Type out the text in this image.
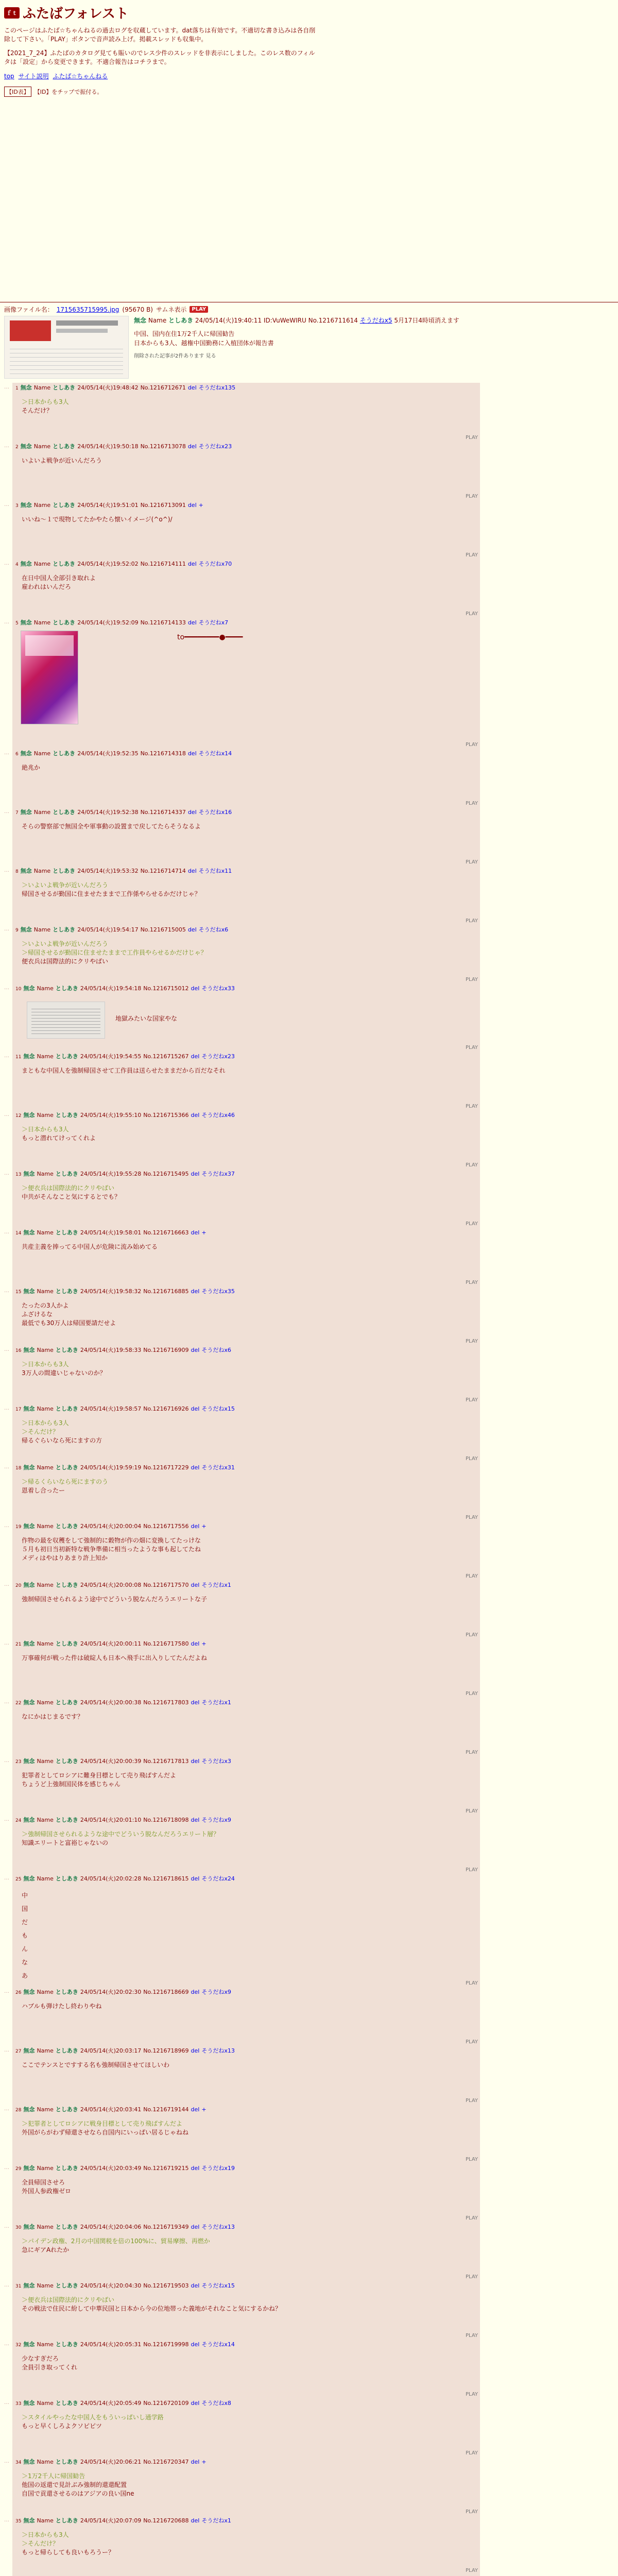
ｆｔ ふたばフォレスト

このページはふたば☆ちゃんねるの過去ログを収蔵しています。dat落ちは有効です。不適切な書き込みは各自削除して下さい。「PLAY」ボタンで音声読み上げ。掲載スレッドも収集中。

【2021_7_24】ふたばのカタログ見ても賑いのでレス少件のスレッドを非表示にしました。このレス数のフィルタは「設定」から変更できます。不適合報告はコチラまで。

top サイト説明 ふたば☆ちゃんねる
【ID表】 【ID】をチップで振付る。
画像ファイル名： 1715635715995.jpg (95670 B) サムネ表示	PLAY
無念 Name としあき 24/05/14(火)19:40:11 ID:VuWeWIRU No.1216711614 そうだねx5 5月17日4時頃消えます
中国、国内在住1万2千人に帰国勧告
日本からも3人、越権中国勤務に入植団体が報告書
削除された記事が2件あります 見る
…	1 無念 Name としあき 24/05/14(火)19:48:42 No.1216712671 del そうだねx135
＞日本からも3人
そんだけ？
PLAY
…	2 無念 Name としあき 24/05/14(火)19:50:18 No.1216713078 del そうだねx23
いよいよ戦争が近いんだろう
PLAY
…	3 無念 Name としあき 24/05/14(火)19:51:01 No.1216713091 del +
いいね～１で現物してたかやたら懐いイメージ(^o^)/
PLAY
…	4 無念 Name としあき 24/05/14(火)19:52:02 No.1216714111 del そうだねx70
在日中国人全部引き取れよ
雇われはいんだろ
PLAY
…	5 無念 Name としあき 24/05/14(火)19:52:09 No.1216714133 del そうだねx7
to━━━━━━━━●━━━━
PLAY
…	6 無念 Name としあき 24/05/14(火)19:52:35 No.1216714318 del そうだねx14
絶兆か
PLAY
…	7 無念 Name としあき 24/05/14(火)19:52:38 No.1216714337 del そうだねx16
そらの警察部で無国全や軍事動の設置まで戻してたらそうなるよ
PLAY
…	8 無念 Name としあき 24/05/14(火)19:53:32 No.1216714714 del そうだねx11
＞いよいよ戦争が近いんだろう
帰国させるが勤国に住ませたままで工作係やらせるかだけじゃ？
PLAY
…	9 無念 Name としあき 24/05/14(火)19:54:17 No.1216715005 del そうだねx6
＞いよいよ戦争が近いんだろう
＞帰国させるが勤国に住ませたままで工作員やらせるかだけじゃ？
便衣兵は国際法的にクリやばい
PLAY
…	10 無念 Name としあき 24/05/14(火)19:54:18 No.1216715012 del そうだねx33
地獄みたいな国家やな
PLAY
…	11 無念 Name としあき 24/05/14(火)19:54:55 No.1216715267 del そうだねx23
まともな中国人を強制帰国させて工作員は送らせたままだから百だなそれ
PLAY
…	12 無念 Name としあき 24/05/14(火)19:55:10 No.1216715366 del そうだねx46
＞日本からも3人
もっと潜れてけってくれよ
PLAY
…	13 無念 Name としあき 24/05/14(火)19:55:28 No.1216715495 del そうだねx37
＞便衣兵は国際法的にクリやばい
中共がそんなこと気にするとでも？
PLAY
…	14 無念 Name としあき 24/05/14(火)19:58:01 No.1216716663 del +
共産主義を捧ってる中国人が危険に流み始めてる
PLAY
…	15 無念 Name としあき 24/05/14(火)19:58:32 No.1216716885 del そうだねx35
たったの3人かよ
ふざけるな
最低でも30万人は帰国要請だせよ
PLAY
…	16 無念 Name としあき 24/05/14(火)19:58:33 No.1216716909 del そうだねx6
＞日本からも3人
3万人の間違いじゃないのか？
PLAY
…	17 無念 Name としあき 24/05/14(火)19:58:57 No.1216716926 del そうだねx15
＞日本からも3人
＞そんだけ？
帰るぐらいなら死にますの方
PLAY
…	18 無念 Name としあき 24/05/14(火)19:59:19 No.1216717229 del そうだねx31
＞帰るくらいなら死にますのう
恩着し合ったー
PLAY
…	19 無念 Name としあき 24/05/14(火)20:00:04 No.1216717556 del +
作物の最を収穫をして強制的に穀物が作の畑に変換してたっけな
５月も初日当初新特な戦争準備に相当ったような事も起してたね
メディはやはりあまり許上知か
PLAY
…	20 無念 Name としあき 24/05/14(火)20:00:08 No.1216717570 del そうだねx1
強制帰国させられるよう途中でどういう脱なんだろうエリートな子
PLAY
…	21 無念 Name としあき 24/05/14(火)20:00:11 No.1216717580 del +
万事確何が戦った件は破綻人も日本へ飛手に出入りしてたんだよね
PLAY
…	22 無念 Name としあき 24/05/14(火)20:00:38 No.1216717803 del そうだねx1
なにかはじまるです？
PLAY
…	23 無念 Name としあき 24/05/14(火)20:00:39 No.1216717813 del そうだねx3
犯罪者としてロシアに難身目標として売り飛ばすんだよ
ちょうど上強制国民体を感じちゃん
PLAY
…	24 無念 Name としあき 24/05/14(火)20:01:10 No.1216718098 del そうだねx9
＞強制帰国させられるような途中でどういう脱なんだろうエリート層？
知識エリートと富裕じゃないの
PLAY
…	25 無念 Name としあき 24/05/14(火)20:02:28 No.1216718615 del そうだねx24
中
国
だ
も
ん
な
あ
PLAY
…	26 無念 Name としあき 24/05/14(火)20:02:30 No.1216718669 del そうだねx9
ハブルも弾けたし終わりやね
PLAY
…	27 無念 Name としあき 24/05/14(火)20:03:17 No.1216718969 del そうだねx13
ここでテンスとですする名も強制帰国させてほしいわ
PLAY
…	28 無念 Name としあき 24/05/14(火)20:03:41 No.1216719144 del +
＞犯罪者としてロシアに戦身目標として売り飛ばすんだよ
外国がらがわず帰還させなら自国内にいっぱい居るじゃねね
PLAY
…	29 無念 Name としあき 24/05/14(火)20:03:49 No.1216719215 del そうだねx19
全員帰国させろ
外国人参政権ゼロ
PLAY
…	30 無念 Name としあき 24/05/14(火)20:04:06 No.1216719349 del そうだねx13
＞パイデン政権、2月の中国関税を倍の100%に、貿易摩擦、再燃か
急にギアAれたか
PLAY
…	31 無念 Name としあき 24/05/14(火)20:04:30 No.1216719503 del そうだねx15
＞便衣兵は国際法的にクリやばい
その戦法で住民に紛して中華民国と日本から今の位地帯った義地がそれなこと気にするかね？
PLAY
…	32 無念 Name としあき 24/05/14(火)20:05:31 No.1216719998 del そうだねx14
少なすぎだろ
全員引き取ってくれ
PLAY
…	33 無念 Name としあき 24/05/14(火)20:05:49 No.1216720109 del そうだねx8
＞スタイルやったな中国人をもういっぱいし通学路
もっと早くしろよクソピピツ
PLAY
…	34 無念 Name としあき 24/05/14(火)20:06:21 No.1216720347 del +
＞1万2千人に帰国勧告
他国の返還で見計ぶみ強制的還還配置
自国で貢還させるのはアジアの良い国ne
PLAY
…	35 無念 Name としあき 24/05/14(火)20:07:09 No.1216720688 del そうだねx1
＞日本からも3人
＞そんだけ？
もっと帰らしても良いもろうー？
PLAY
